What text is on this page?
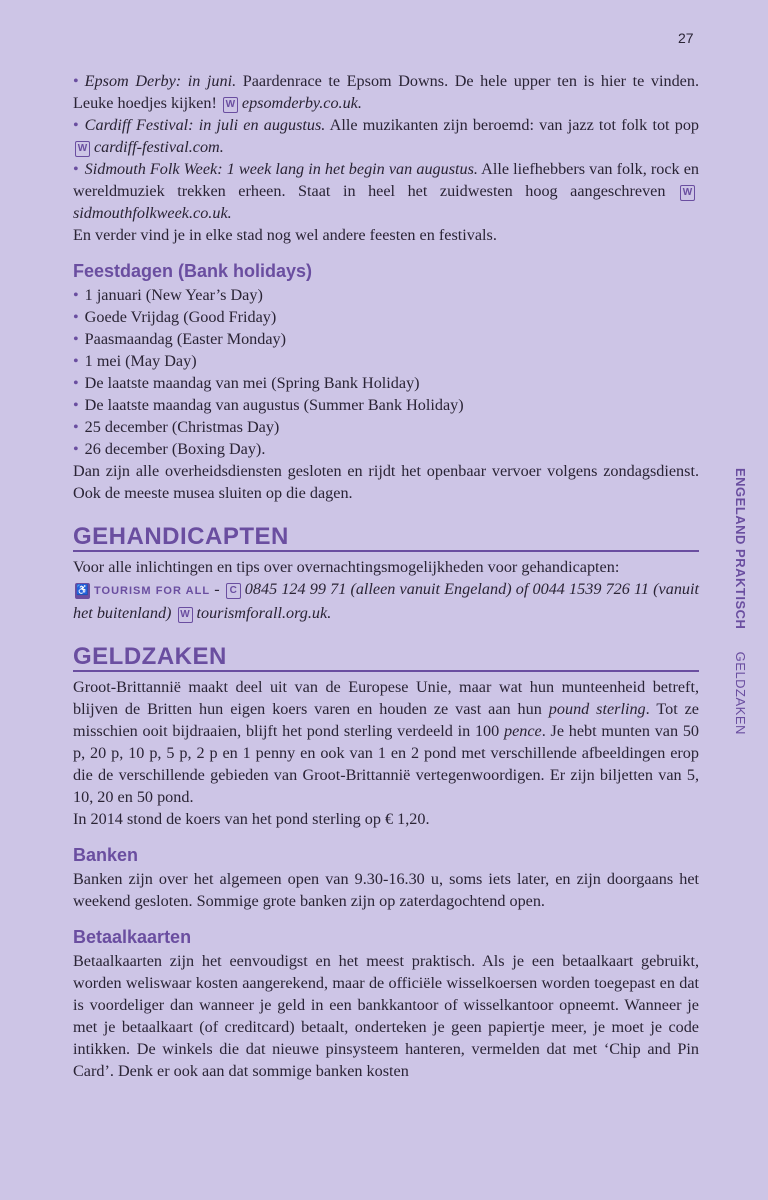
27
ENGELAND PRAKTISCH     GELDZAKEN

• Epsom Derby: in juni. Paardenrace te Epsom Downs. De hele upper ten is hier te vinden. Leuke hoedjes kijken! W epsomderby.co.uk.

• Cardiff Festival: in juli en augustus. Alle muzikanten zijn beroemd: van jazz tot folk tot pop W cardiff-festival.com.

• Sidmouth Folk Week: 1 week lang in het begin van augustus. Alle liefhebbers van folk, rock en wereldmuziek trekken erheen. Staat in heel het zuidwesten hoog aangeschreven Wsidmouthfolkweek.co.uk.

En verder vind je in elke stad nog wel andere feesten en festivals.

Feestdagen (Bank holidays)

• 1 januari (New Year’s Day)

• Goede Vrijdag (Good Friday)

• Paasmaandag (Easter Monday)

• 1 mei (May Day)

• De laatste maandag van mei (Spring Bank Holiday)

• De laatste maandag van augustus (Summer Bank Holiday)

• 25 december (Christmas Day)

• 26 december (Boxing Day).

Dan zijn alle overheidsdiensten gesloten en rijdt het openbaar vervoer volgens zondagsdienst. Ook de meeste musea sluiten op die dagen.

GEHANDICAPTEN

Voor alle inlichtingen en tips over overnachtingsmogelijkheden voor gehandicapten:
♿ TOURISM FOR ALL - C 0845 124 99 71 (alleen vanuit Engeland) of 0044 1539 726 11 (vanuit het buitenland) W tourismforall.org.uk.

GELDZAKEN

Groot-Brittannië maakt deel uit van de Europese Unie, maar wat hun munteenheid betreft, blijven de Britten hun eigen koers varen en houden ze vast aan hun pound sterling. Tot ze misschien ooit bijdraaien, blijft het pond sterling verdeeld in 100 pence. Je hebt munten van 50 p, 20 p, 10 p, 5 p, 2 p en 1 penny en ook van 1 en 2 pond met verschillende afbeeldingen erop die de verschillende gebieden van Groot-Brittannië vertegenwoordigen. Er zijn biljetten van 5, 10, 20 en 50 pond.

In 2014 stond de koers van het pond sterling op € 1,20.

Banken

Banken zijn over het algemeen open van 9.30-16.30 u, soms iets later, en zijn doorgaans het weekend gesloten. Sommige grote banken zijn op zaterdagochtend open.

Betaalkaarten

Betaalkaarten zijn het eenvoudigst en het meest praktisch. Als je een betaalkaart gebruikt, worden weliswaar kosten aangerekend, maar de officiële wisselkoersen worden toegepast en dat is voordeliger dan wanneer je geld in een bankkantoor of wisselkantoor opneemt. Wanneer je met je betaalkaart (of creditcard) betaalt, onderteken je geen papiertje meer, je moet je code intikken. De winkels die dat nieuwe pinsysteem hanteren, vermelden dat met ‘Chip and Pin Card’. Denk er ook aan dat sommige banken kosten
